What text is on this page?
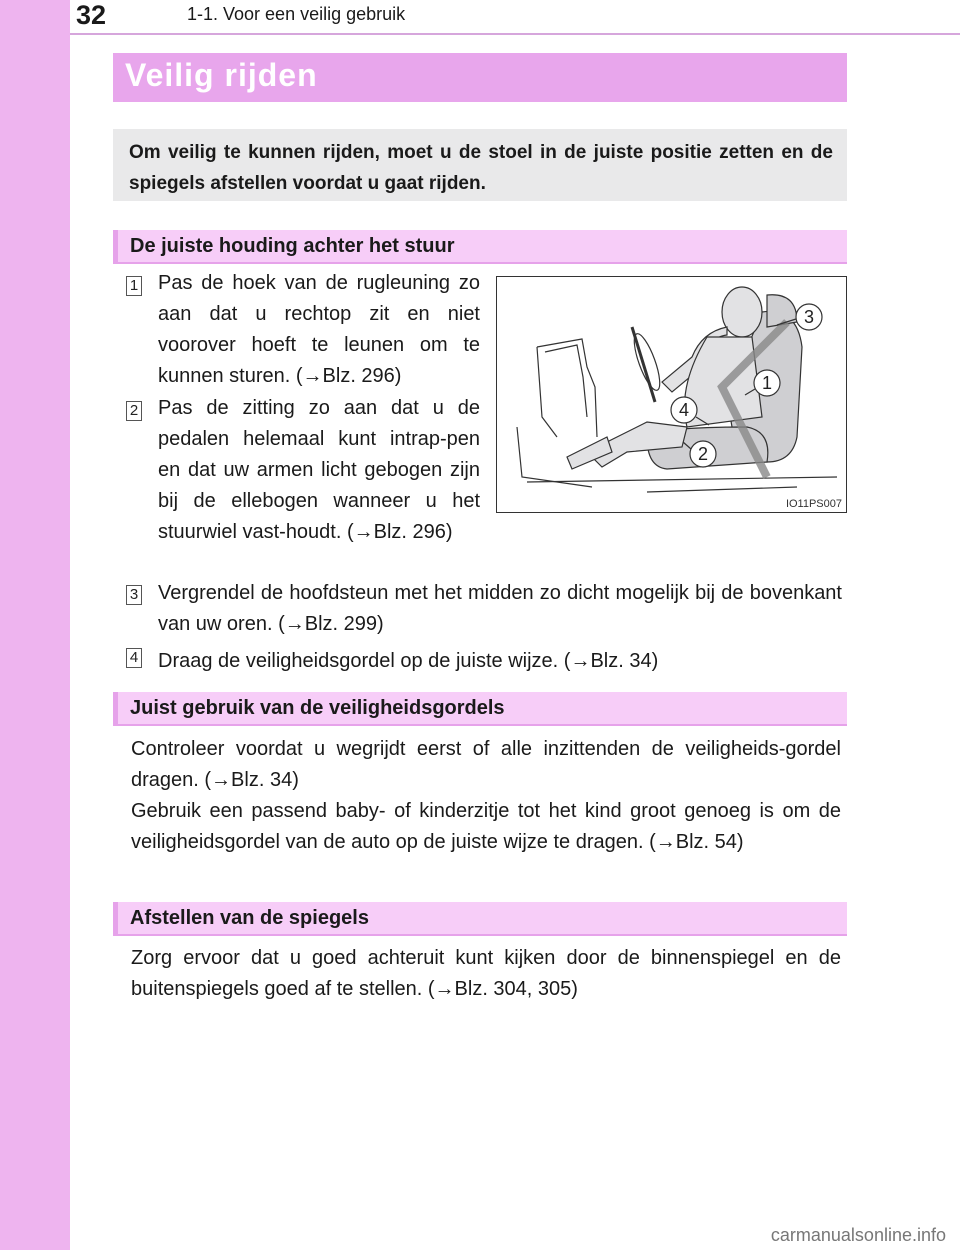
32	1-1. Voor een veilig gebruik
Veilig rijden
Om veilig te kunnen rijden, moet u de stoel in de juiste positie zetten en de spiegels afstellen voordat u gaat rijden.
De juiste houding achter het stuur
1 Pas de hoek van de rugleuning zo aan dat u rechtop zit en niet voorover hoeft te leunen om te kunnen sturen. (→Blz. 296)
2 Pas de zitting zo aan dat u de pedalen helemaal kunt intrap-pen en dat uw armen licht gebogen zijn bij de ellebogen wanneer u het stuurwiel vast-houdt. (→Blz. 296)
3 Vergrendel de hoofdsteun met het midden zo dicht mogelijk bij de bovenkant van uw oren. (→Blz. 299)
4 Draag de veiligheidsgordel op de juiste wijze. (→Blz. 34)
3
1
4
2
IO11PS007
Juist gebruik van de veiligheidsgordels
Controleer voordat u wegrijdt eerst of alle inzittenden de veiligheids-gordel dragen. (→Blz. 34)
Gebruik een passend baby- of kinderzitje tot het kind groot genoeg is om de veiligheidsgordel van de auto op de juiste wijze te dragen. (→Blz. 54)
Afstellen van de spiegels
Zorg ervoor dat u goed achteruit kunt kijken door de binnenspiegel en de buitenspiegels goed af te stellen. (→Blz. 304, 305)
carmanualsonline.info
